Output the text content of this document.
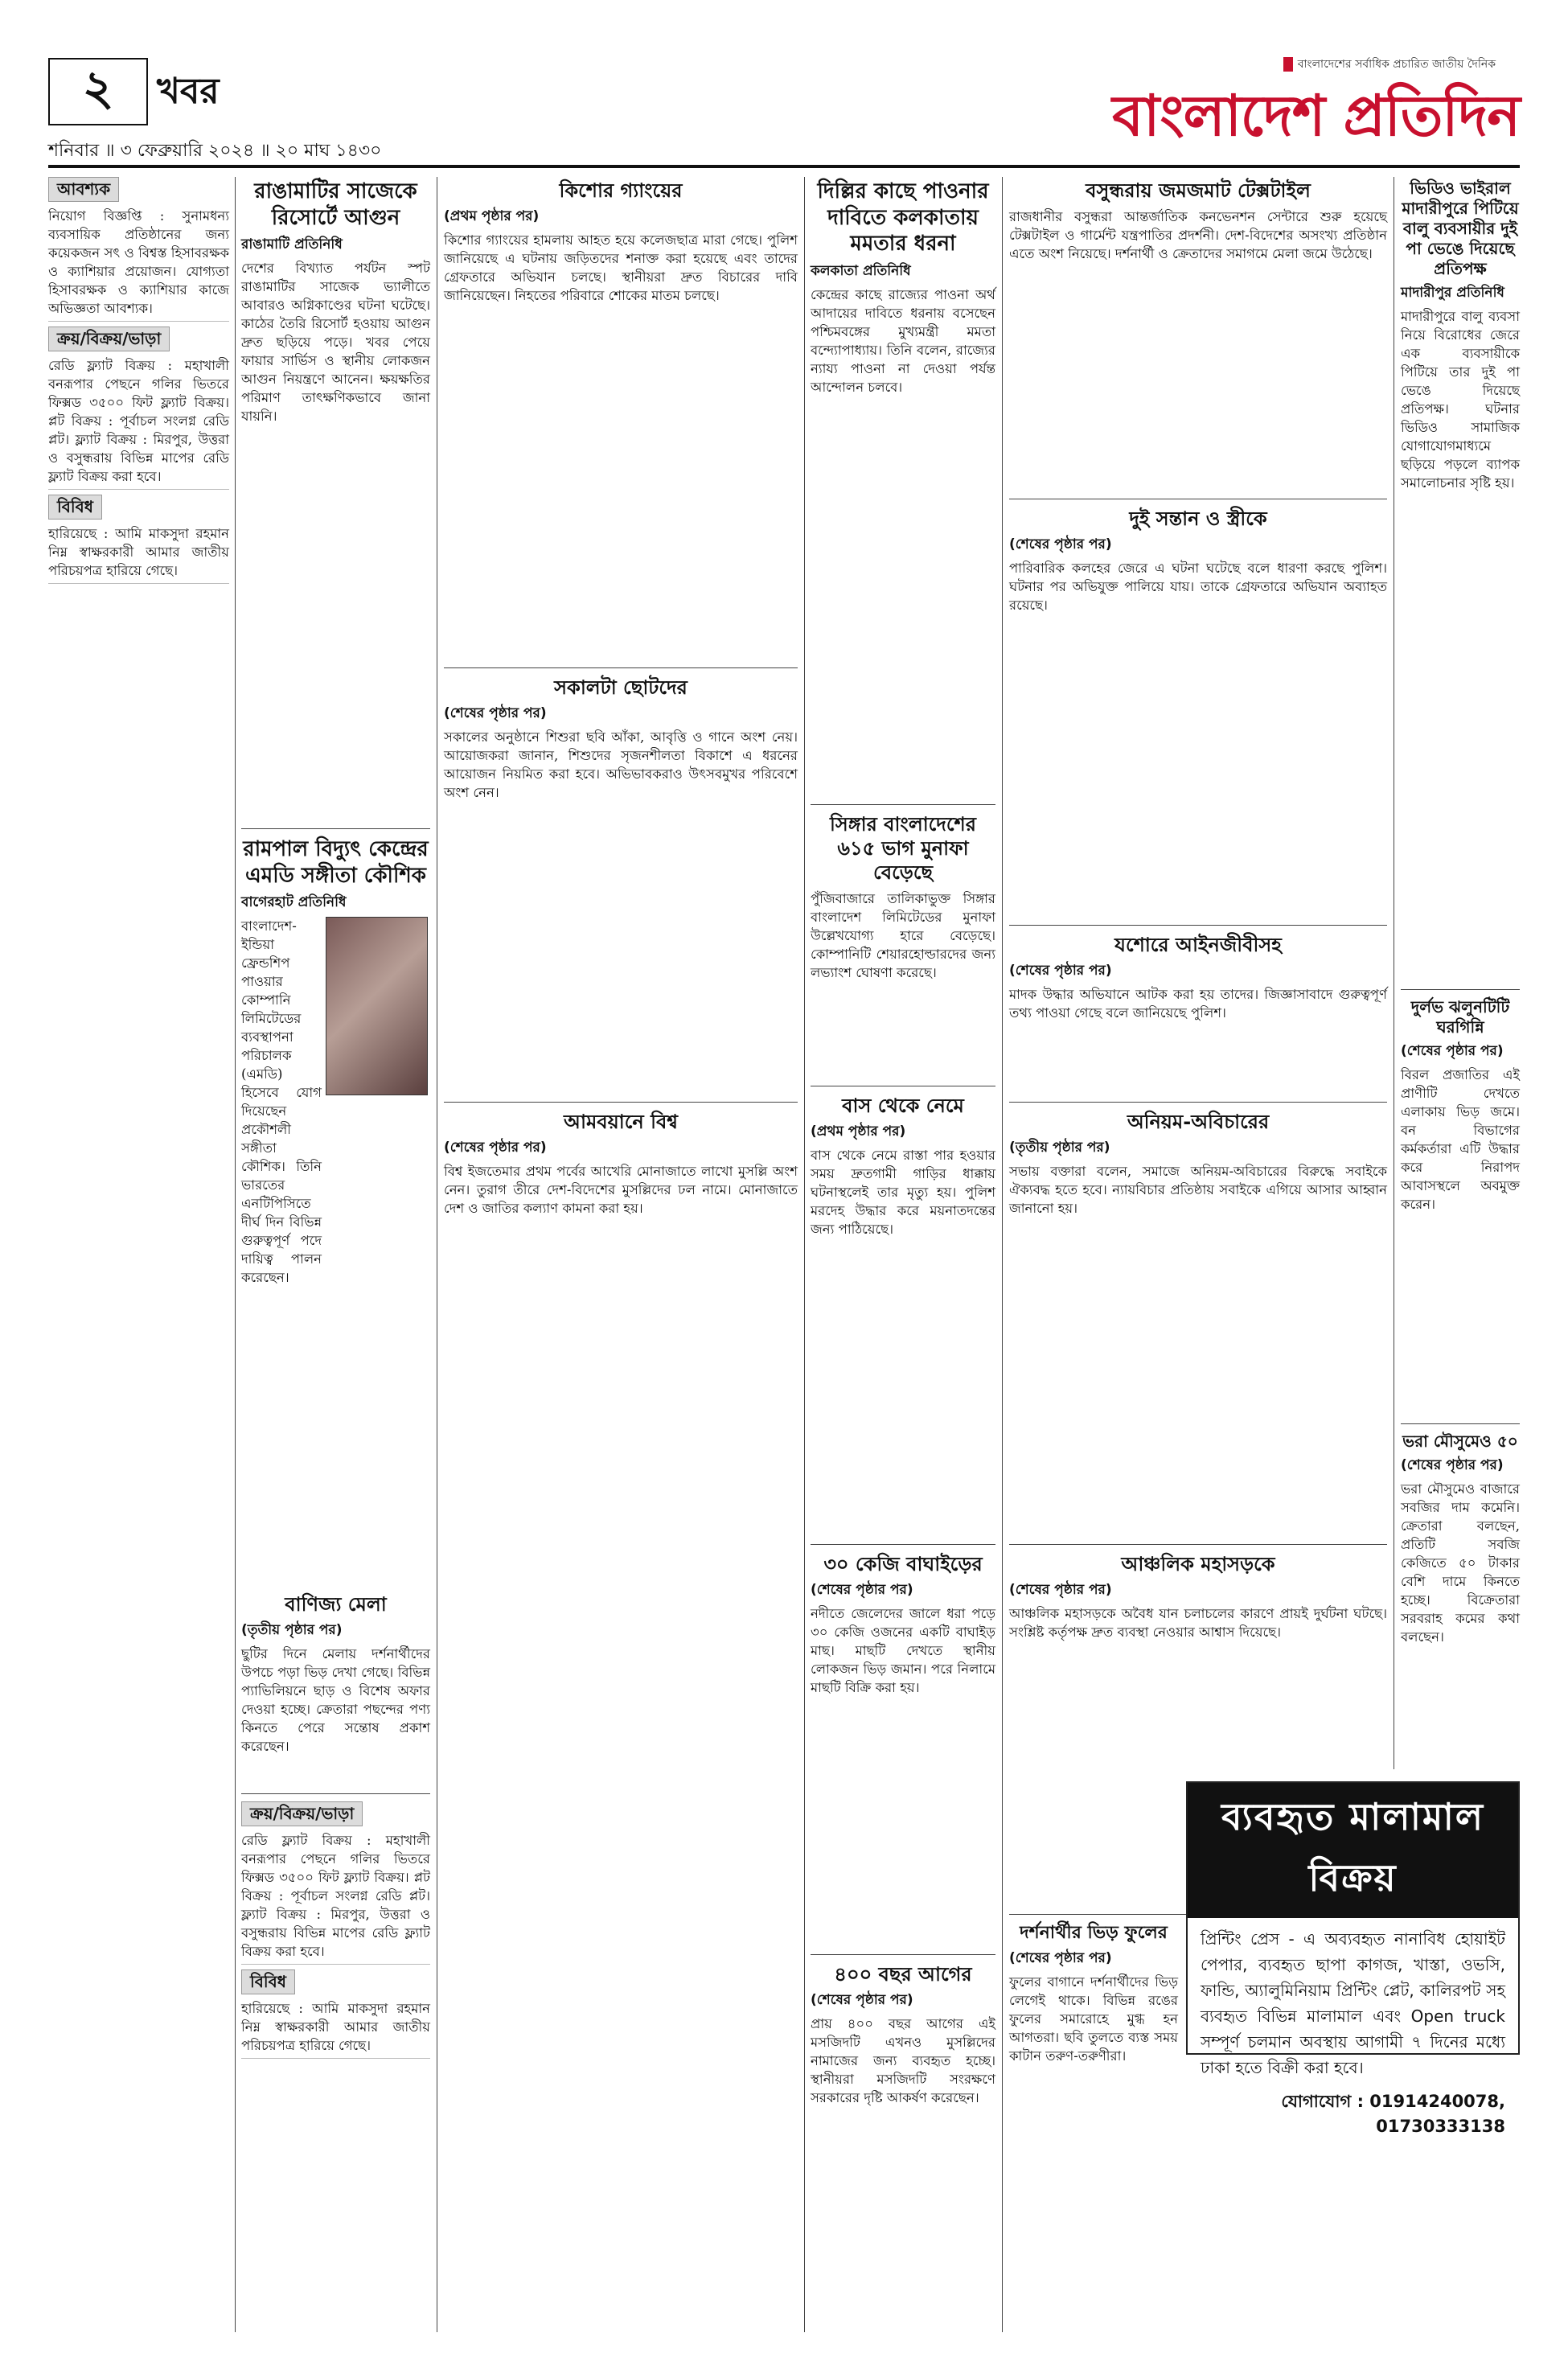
২	খবর
শনিবার ॥ ৩ ফেব্রুয়ারি ২০২৪ ॥ ২০ মাঘ ১৪৩০
বাংলাদেশের সর্বাধিক প্রচারিত জাতীয় দৈনিক
বাংলাদেশ প্রতিদিন
আবশ্যক

নিয়োগ বিজ্ঞপ্তি : সুনামধন্য ব্যবসায়িক প্রতিষ্ঠানের জন্য কয়েকজন সৎ ও বিশ্বস্ত হিসাবরক্ষক ও ক্যাশিয়ার প্রয়োজন। যোগ্যতা হিসাবরক্ষক ও ক্যাশিয়ার কাজে অভিজ্ঞতা আবশ্যক।

ক্রয়/বিক্রয়/ভাড়া

রেডি ফ্ল্যাট বিক্রয় : মহাখালী বনরূপার পেছনে গলির ভিতরে ফিক্সড ৩৫০০ ফিট ফ্ল্যাট বিক্রয়। প্লট বিক্রয় : পূর্বাচল সংলগ্ন রেডি প্লট। ফ্ল্যাট বিক্রয় : মিরপুর, উত্তরা ও বসুন্ধরায় বিভিন্ন মাপের রেডি ফ্ল্যাট বিক্রয় করা হবে।

বিবিধ

হারিয়েছে : আমি মাকসুদা রহমান নিম্ন স্বাক্ষরকারী আমার জাতীয় পরিচয়পত্র হারিয়ে গেছে।

রাঙামাটির সাজেকে রিসোর্টে আগুন
রাঙামাটি প্রতিনিধি

দেশের বিখ্যাত পর্যটন স্পট রাঙামাটির সাজেক ভ্যালীতে আবারও অগ্নিকাণ্ডের ঘটনা ঘটেছে। কাঠের তৈরি রিসোর্ট হওয়ায় আগুন দ্রুত ছড়িয়ে পড়ে। খবর পেয়ে ফায়ার সার্ভিস ও স্থানীয় লোকজন আগুন নিয়ন্ত্রণে আনেন। ক্ষয়ক্ষতির পরিমাণ তাৎক্ষণিকভাবে জানা যায়নি।

রামপাল বিদ্যুৎ কেন্দ্রের এমডি সঙ্গীতা কৌশিক
বাগেরহাট প্রতিনিধি

বাংলাদেশ-ইন্ডিয়া ফ্রেন্ডশিপ পাওয়ার কোম্পানি লিমিটেডের ব্যবস্থাপনা পরিচালক (এমডি) হিসেবে যোগ দিয়েছেন প্রকৌশলী সঙ্গীতা কৌশিক। তিনি ভারতের এনটিপিসিতে দীর্ঘ দিন বিভিন্ন গুরুত্বপূর্ণ পদে দায়িত্ব পালন করেছেন।

বাণিজ্য মেলা
(তৃতীয় পৃষ্ঠার পর)

ছুটির দিনে মেলায় দর্শনার্থীদের উপচে পড়া ভিড় দেখা গেছে। বিভিন্ন প্যাভিলিয়নে ছাড় ও বিশেষ অফার দেওয়া হচ্ছে। ক্রেতারা পছন্দের পণ্য কিনতে পেরে সন্তোষ প্রকাশ করেছেন।

ক্রয়/বিক্রয়/ভাড়া

রেডি ফ্ল্যাট বিক্রয় : মহাখালী বনরূপার পেছনে গলির ভিতরে ফিক্সড ৩৫০০ ফিট ফ্ল্যাট বিক্রয়। প্লট বিক্রয় : পূর্বাচল সংলগ্ন রেডি প্লট। ফ্ল্যাট বিক্রয় : মিরপুর, উত্তরা ও বসুন্ধরায় বিভিন্ন মাপের রেডি ফ্ল্যাট বিক্রয় করা হবে।

বিবিধ

হারিয়েছে : আমি মাকসুদা রহমান নিম্ন স্বাক্ষরকারী আমার জাতীয় পরিচয়পত্র হারিয়ে গেছে।

কিশোর গ্যাংয়ের
(প্রথম পৃষ্ঠার পর)

কিশোর গ্যাংয়ের হামলায় আহত হয়ে কলেজছাত্র মারা গেছে। পুলিশ জানিয়েছে এ ঘটনায় জড়িতদের শনাক্ত করা হয়েছে এবং তাদের গ্রেফতারে অভিযান চলছে। স্থানীয়রা দ্রুত বিচারের দাবি জানিয়েছেন। নিহতের পরিবারে শোকের মাতম চলছে।

সকালটা ছোটদের
(শেষের পৃষ্ঠার পর)

সকালের অনুষ্ঠানে শিশুরা ছবি আঁকা, আবৃত্তি ও গানে অংশ নেয়। আয়োজকরা জানান, শিশুদের সৃজনশীলতা বিকাশে এ ধরনের আয়োজন নিয়মিত করা হবে। অভিভাবকরাও উৎসবমুখর পরিবেশে অংশ নেন।

আমবয়ানে বিশ্ব
(শেষের পৃষ্ঠার পর)

বিশ্ব ইজতেমার প্রথম পর্বের আখেরি মোনাজাতে লাখো মুসল্লি অংশ নেন। তুরাগ তীরে দেশ-বিদেশের মুসল্লিদের ঢল নামে। মোনাজাতে দেশ ও জাতির কল্যাণ কামনা করা হয়।

দিল্লির কাছে পাওনার দাবিতে কলকাতায় মমতার ধরনা
কলকাতা প্রতিনিধি

কেন্দ্রের কাছে রাজ্যের পাওনা অর্থ আদায়ের দাবিতে ধরনায় বসেছেন পশ্চিমবঙ্গের মুখ্যমন্ত্রী মমতা বন্দ্যোপাধ্যায়। তিনি বলেন, রাজ্যের ন্যায্য পাওনা না দেওয়া পর্যন্ত আন্দোলন চলবে।

সিঙ্গার বাংলাদেশের ৬১৫ ভাগ মুনাফা বেড়েছে

পুঁজিবাজারে তালিকাভুক্ত সিঙ্গার বাংলাদেশ লিমিটেডের মুনাফা উল্লেখযোগ্য হারে বেড়েছে। কোম্পানিটি শেয়ারহোল্ডারদের জন্য লভ্যাংশ ঘোষণা করেছে।

বাস থেকে নেমে
(প্রথম পৃষ্ঠার পর)

বাস থেকে নেমে রাস্তা পার হওয়ার সময় দ্রুতগামী গাড়ির ধাক্কায় ঘটনাস্থলেই তার মৃত্যু হয়। পুলিশ মরদেহ উদ্ধার করে ময়নাতদন্তের জন্য পাঠিয়েছে।

৩০ কেজি বাঘাইড়ের
(শেষের পৃষ্ঠার পর)

নদীতে জেলেদের জালে ধরা পড়ে ৩০ কেজি ওজনের একটি বাঘাইড় মাছ। মাছটি দেখতে স্থানীয় লোকজন ভিড় জমান। পরে নিলামে মাছটি বিক্রি করা হয়।

৪০০ বছর আগের
(শেষের পৃষ্ঠার পর)

প্রায় ৪০০ বছর আগের এই মসজিদটি এখনও মুসল্লিদের নামাজের জন্য ব্যবহৃত হচ্ছে। স্থানীয়রা মসজিদটি সংরক্ষণে সরকারের দৃষ্টি আকর্ষণ করেছেন।

বসুন্ধরায় জমজমাট টেক্সটাইল

রাজধানীর বসুন্ধরা আন্তর্জাতিক কনভেনশন সেন্টারে শুরু হয়েছে টেক্সটাইল ও গার্মেন্ট যন্ত্রপাতির প্রদর্শনী। দেশ-বিদেশের অসংখ্য প্রতিষ্ঠান এতে অংশ নিয়েছে। দর্শনার্থী ও ক্রেতাদের সমাগমে মেলা জমে উঠেছে।

দুই সন্তান ও স্ত্রীকে
(শেষের পৃষ্ঠার পর)

পারিবারিক কলহের জেরে এ ঘটনা ঘটেছে বলে ধারণা করছে পুলিশ। ঘটনার পর অভিযুক্ত পালিয়ে যায়। তাকে গ্রেফতারে অভিযান অব্যাহত রয়েছে।

যশোরে আইনজীবীসহ
(শেষের পৃষ্ঠার পর)

মাদক উদ্ধার অভিযানে আটক করা হয় তাদের। জিজ্ঞাসাবাদে গুরুত্বপূর্ণ তথ্য পাওয়া গেছে বলে জানিয়েছে পুলিশ।

অনিয়ম-অবিচারের
(তৃতীয় পৃষ্ঠার পর)

সভায় বক্তারা বলেন, সমাজে অনিয়ম-অবিচারের বিরুদ্ধে সবাইকে ঐক্যবদ্ধ হতে হবে। ন্যায়বিচার প্রতিষ্ঠায় সবাইকে এগিয়ে আসার আহ্বান জানানো হয়।

আঞ্চলিক মহাসড়কে
(শেষের পৃষ্ঠার পর)

আঞ্চলিক মহাসড়কে অবৈধ যান চলাচলের কারণে প্রায়ই দুর্ঘটনা ঘটছে। সংশ্লিষ্ট কর্তৃপক্ষ দ্রুত ব্যবস্থা নেওয়ার আশ্বাস দিয়েছে।

দর্শনার্থীর ভিড় ফুলের
(শেষের পৃষ্ঠার পর)

ফুলের বাগানে দর্শনার্থীদের ভিড় লেগেই থাকে। বিভিন্ন রঙের ফুলের সমারোহে মুগ্ধ হন আগতরা। ছবি তুলতে ব্যস্ত সময় কাটান তরুণ-তরুণীরা।

ভিডিও ভাইরাল মাদারীপুরে পিটিয়ে বালু ব্যবসায়ীর দুই পা ভেঙে দিয়েছে প্রতিপক্ষ
মাদারীপুর প্রতিনিধি

মাদারীপুরে বালু ব্যবসা নিয়ে বিরোধের জেরে এক ব্যবসায়ীকে পিটিয়ে তার দুই পা ভেঙে দিয়েছে প্রতিপক্ষ। ঘটনার ভিডিও সামাজিক যোগাযোগমাধ্যমে ছড়িয়ে পড়লে ব্যাপক সমালোচনার সৃষ্টি হয়।

দুর্লভ ঝলুনটিটি ঘরগিন্নি
(শেষের পৃষ্ঠার পর)

বিরল প্রজাতির এই প্রাণীটি দেখতে এলাকায় ভিড় জমে। বন বিভাগের কর্মকর্তারা এটি উদ্ধার করে নিরাপদ আবাসস্থলে অবমুক্ত করেন।

ভরা মৌসুমেও ৫০
(শেষের পৃষ্ঠার পর)

ভরা মৌসুমেও বাজারে সবজির দাম কমেনি। ক্রেতারা বলছেন, প্রতিটি সবজি কেজিতে ৫০ টাকার বেশি দামে কিনতে হচ্ছে। বিক্রেতারা সরবরাহ কমের কথা বলছেন।

ব্যবহৃত মালামাল বিক্রয়
প্রিন্টিং প্রেস - এ অব্যবহৃত নানাবিধ হোয়াইট পেপার, ব্যবহৃত ছাপা কাগজ, খাস্তা, ওভসি, ফান্ডি, অ্যালুমিনিয়াম প্রিন্টিং প্লেট, কালিরপট সহ ব্যবহৃত বিভিন্ন মালামাল এবং Open truck সম্পূর্ণ চলমান অবস্থায় আগামী ৭ দিনের মধ্যে ঢাকা হতে বিক্রী করা হবে।
যোগাযোগ : 01914240078, 01730333138
